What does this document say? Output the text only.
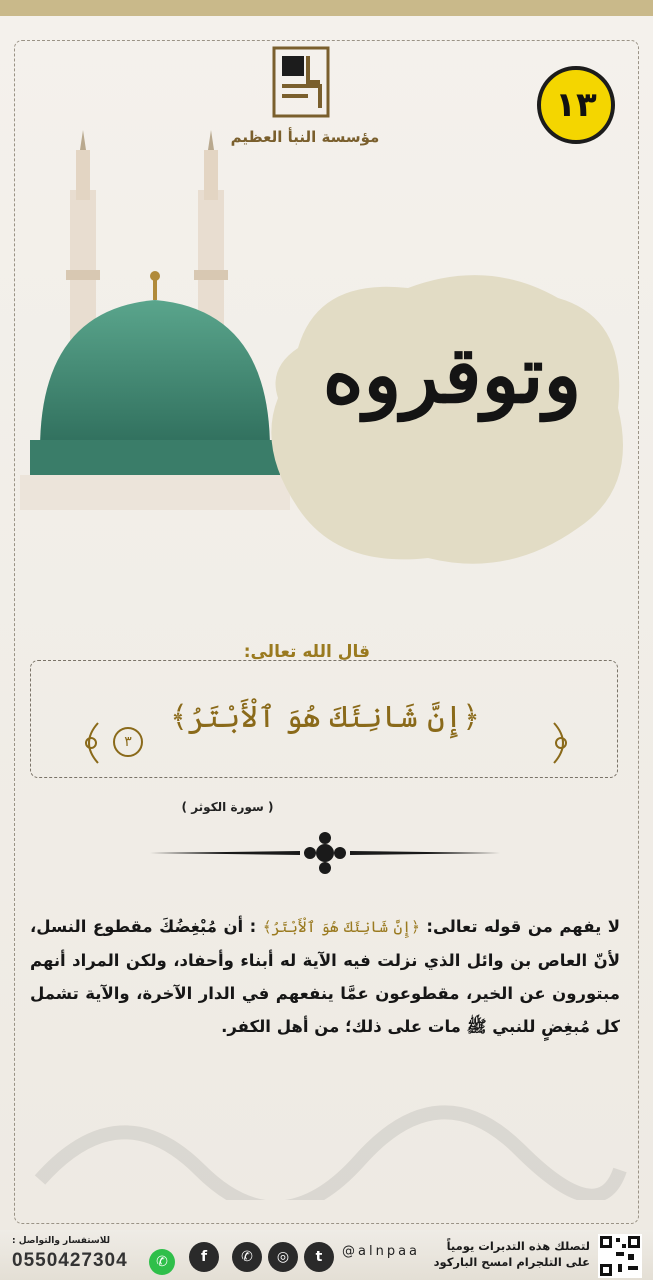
مؤسسة النبأ العظيم
١٣
وتوقروه
قال الله تعالى:
٣
﴿إِنَّ شَانِئَكَ هُوَ ٱلْأَبْتَرُ﴾
( سورة الكوثر )
لا يفهم من قوله تعالى: ﴿إِنَّ شَانِئَكَ هُوَ ٱلْأَبْتَرُ﴾ : أن مُبْغِضُكَ مقطوع النسل، لأنّ العاص بن وائل الذي نزلت فيه الآية له أبناء وأحفاد، ولكن المراد أنهم مبتورون عن الخير، مقطوعون عمَّا ينفعهم في الدار الآخرة، والآية تشمل كل مُبغِضٍ للنبي ﷺ مات على ذلك؛ من أهل الكفر.
لتصلك هذه التدبرات يومياً
على التلجرام امسح الباركود
@alnpaa
t
◎
✆
f
✆
للاستفسار والتواصل :
0550427304
